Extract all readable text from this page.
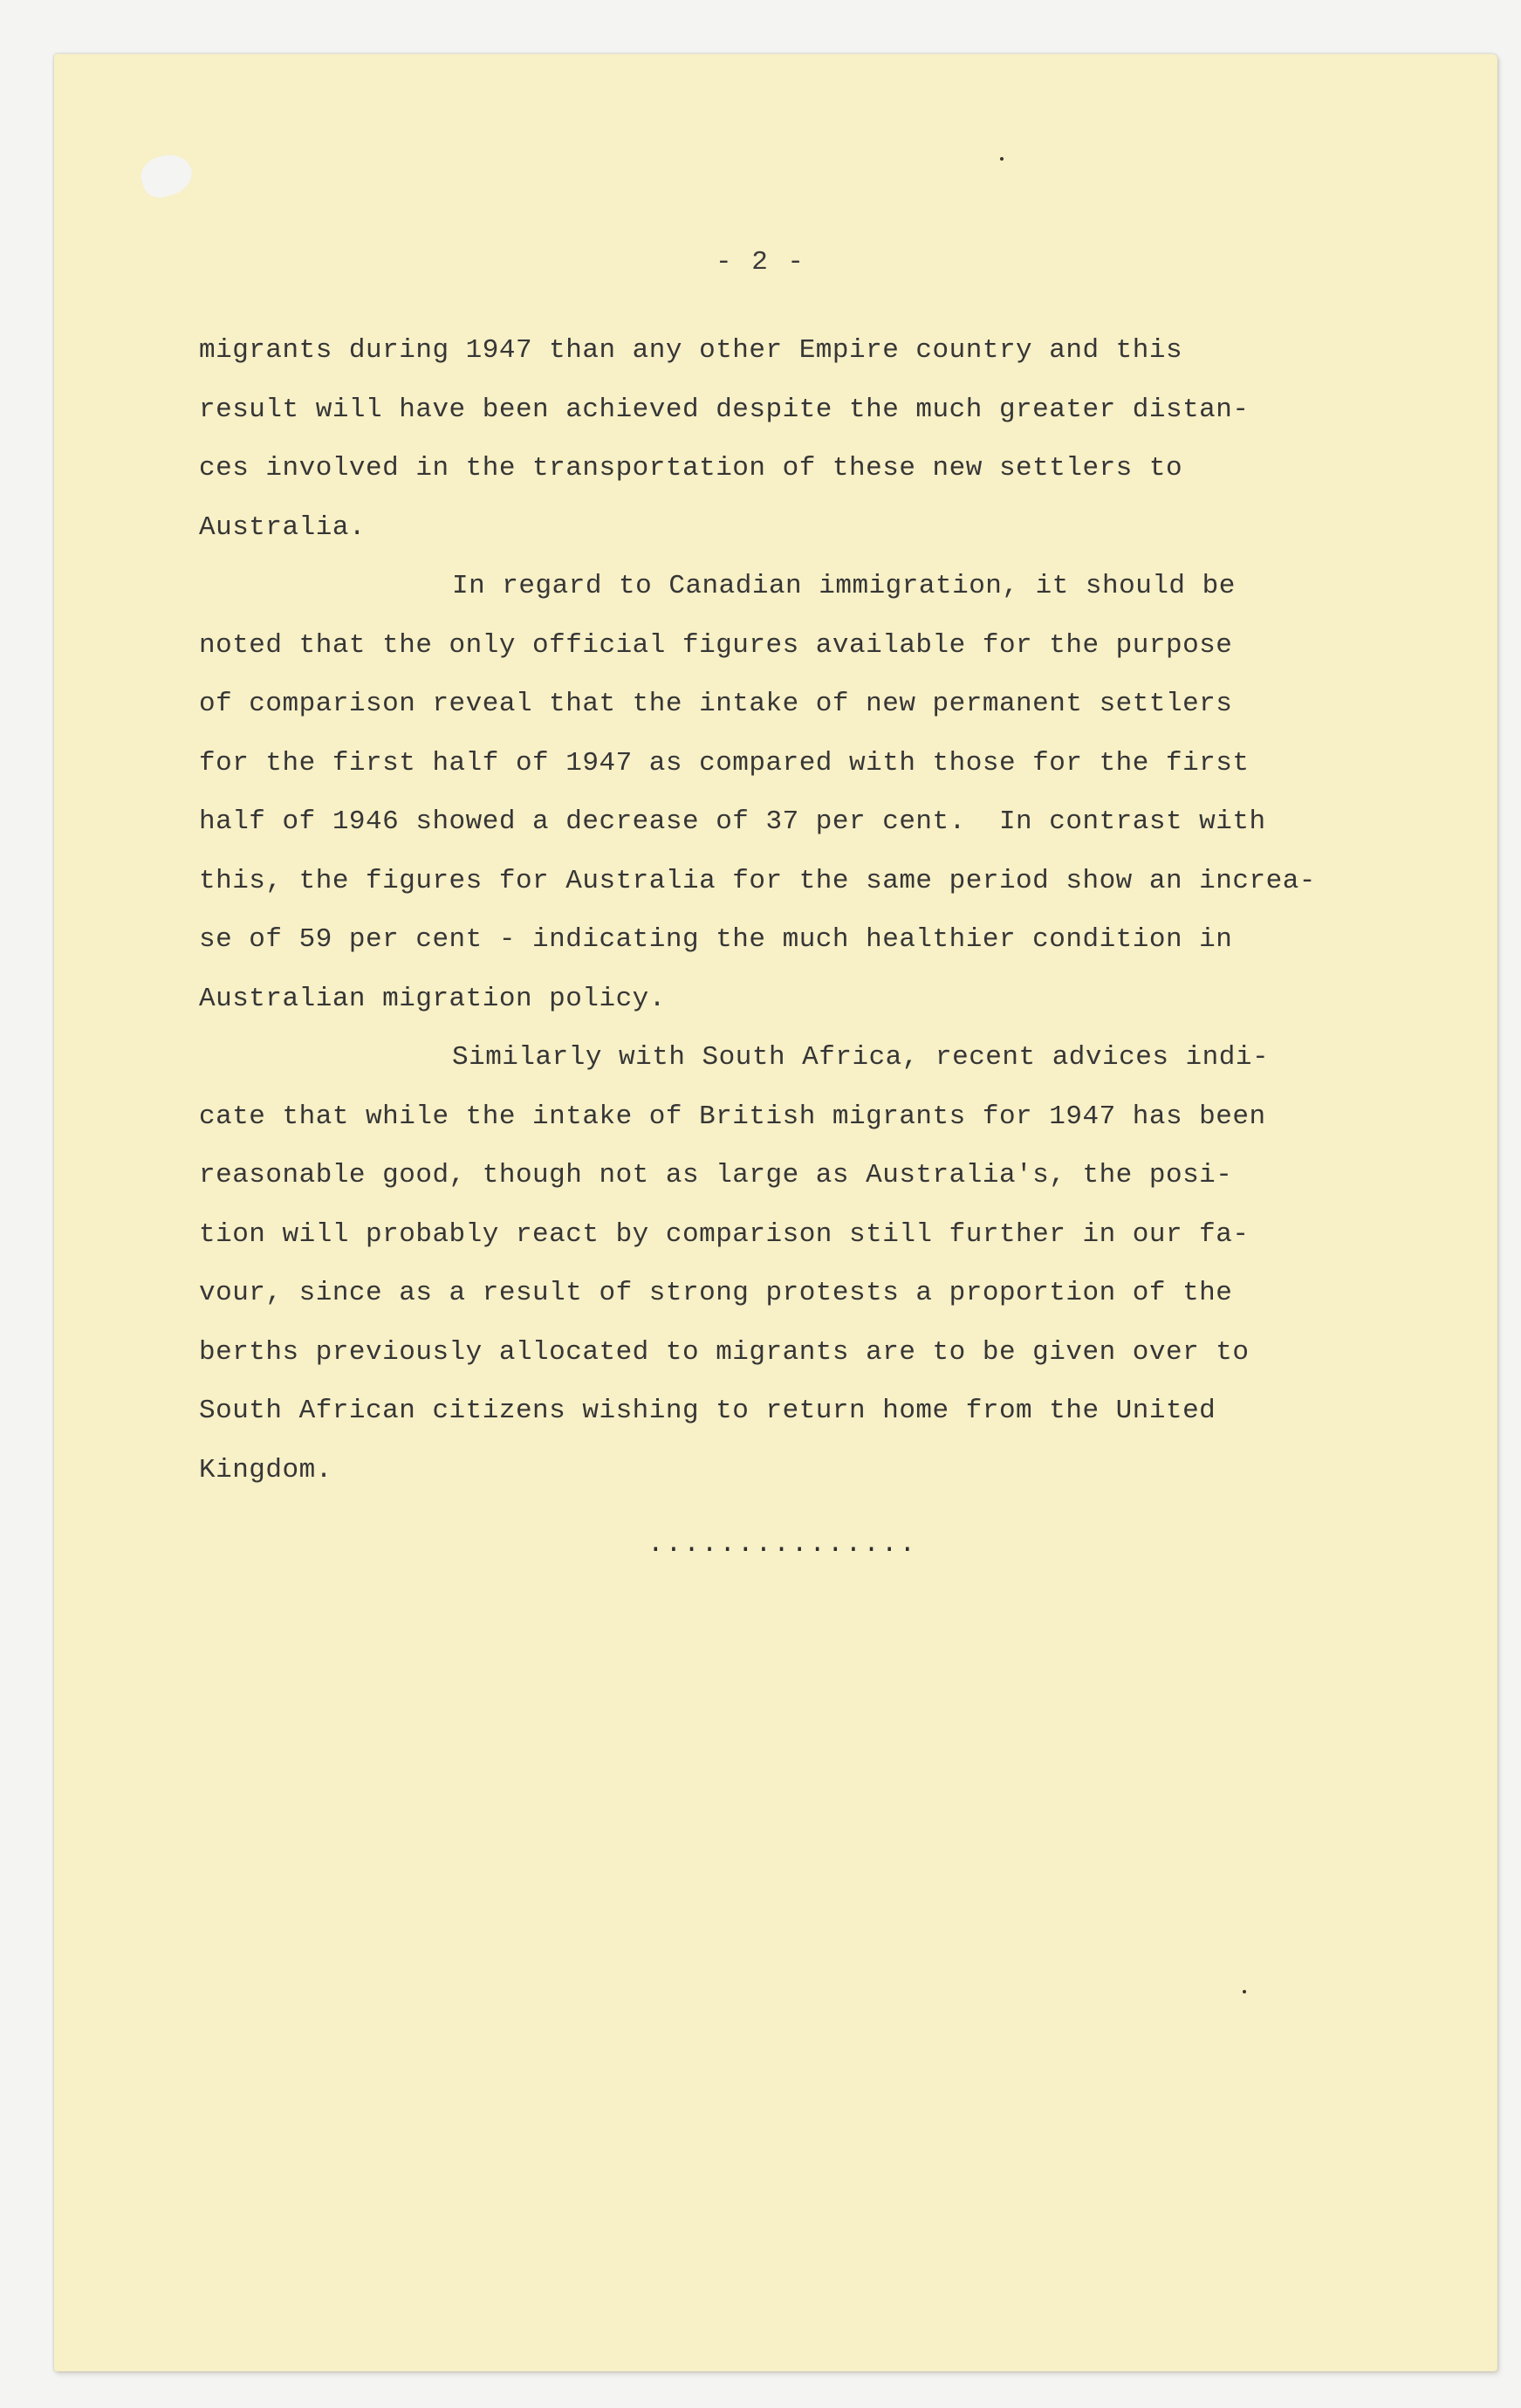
- 2 -
migrants during 1947 than any other Empire country and this
result will have been achieved despite the much greater distan-
ces involved in the transportation of these new settlers to
Australia.
In regard to Canadian immigration, it should be
noted that the only official figures available for the purpose
of comparison reveal that the intake of new permanent settlers
for the first half of 1947 as compared with those for the first
half of 1946 showed a decrease of 37 per cent.  In contrast with
this, the figures for Australia for the same period show an increa-
se of 59 per cent - indicating the much healthier condition in
Australian migration policy.
Similarly with South Africa, recent advices indi-
cate that while the intake of British migrants for 1947 has been
reasonable good, though not as large as Australia's, the posi-
tion will probably react by comparison still further in our fa-
vour, since as a result of strong protests a proportion of the
berths previously allocated to migrants are to be given over to
South African citizens wishing to return home from the United
Kingdom.
...............
